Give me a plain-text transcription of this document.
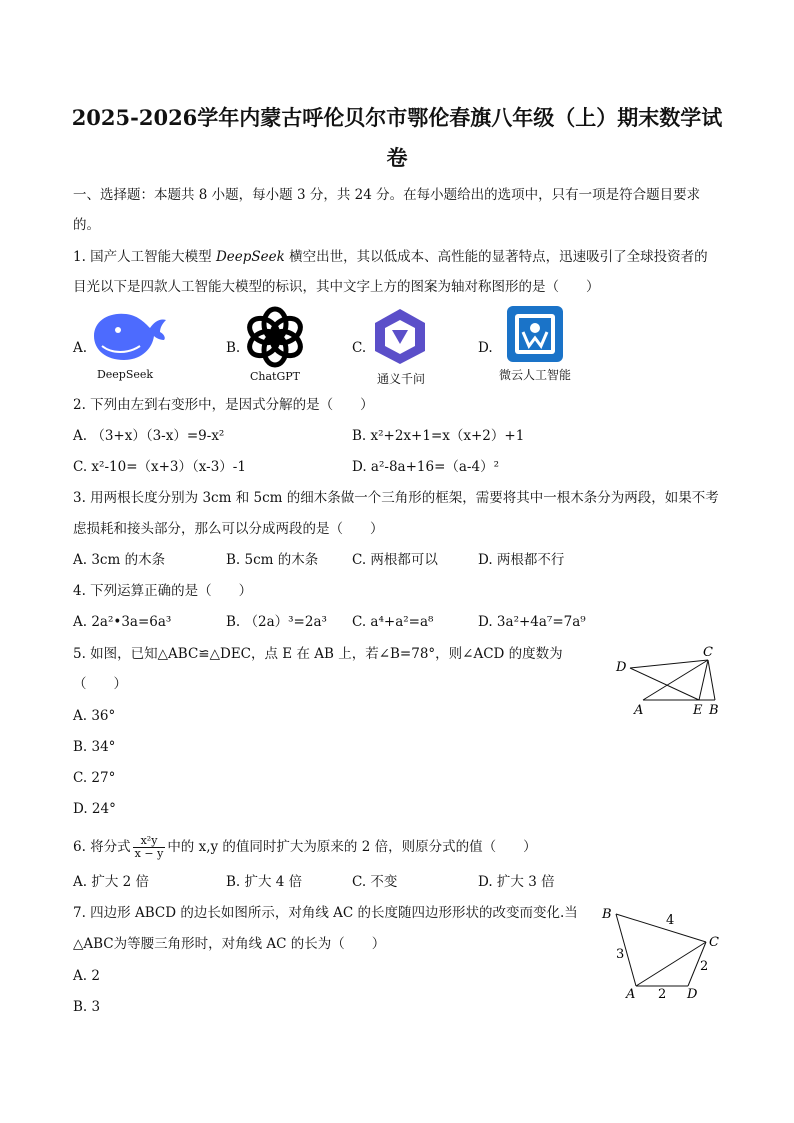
2025-2026学年内蒙古呼伦贝尔市鄂伦春旗八年级（上）期末数学试
卷
一、选择题：本题共 8 小题，每小题 3 分，共 24 分。在每小题给出的选项中，只有一项是符合题目要求
的。
1. 国产人工智能大模型 DeepSeek 横空出世，其以低成本、高性能的显著特点，迅速吸引了全球投资者的
目光以下是四款人工智能大模型的标识，其中文字上方的图案为轴对称图形的是（　　）
A.
DeepSeek
B.
ChatGPT
C.
通义千问
D.
微云人工智能
2. 下列由左到右变形中，是因式分解的是（　　）
A. （3+x）（3-x）=9-x²	B. x²+2x+1=x（x+2）+1
C. x²-10=（x+3）（x-3）-1	D. a²-8a+16=（a-4）²
3. 用两根长度分别为 3cm 和 5cm 的细木条做一个三角形的框架，需要将其中一根木条分为两段，如果不考
虑损耗和接头部分，那么可以分成两段的是（　　）
A. 3cm 的木条	B. 5cm 的木条	C. 两根都可以	D. 两根都不行
4. 下列运算正确的是（　　）
A. 2a²•3a=6a³	B. （2a）³=2a³ C. a⁴+a²=a⁸	D. 3a²+4a⁷=7a⁹
5. 如图，已知△ABC≌△DEC，点 E 在 AB 上，若∠B=78°，则∠ACD 的度数为
（　　）
A. 36°
B. 34°
C. 27°
D. 24°
C
D
A	E B
6. 将分式 $\frac{\text{x²y}}{x - y}$ 中的 x,y 的值同时扩大为原来的 2 倍，则原分式的值（　　）
A. 扩大 2 倍	B. 扩大 4 倍	C. 不变	D. 扩大 3 倍
7. 四边形 ABCD 的边长如图所示，对角线 AC 的长度随四边形形状的改变而变化.当
△ABC为等腰三角形时，对角线 AC 的长为（　　）
A. 2
B. 3
B
C
A	D
3
4
2
2
